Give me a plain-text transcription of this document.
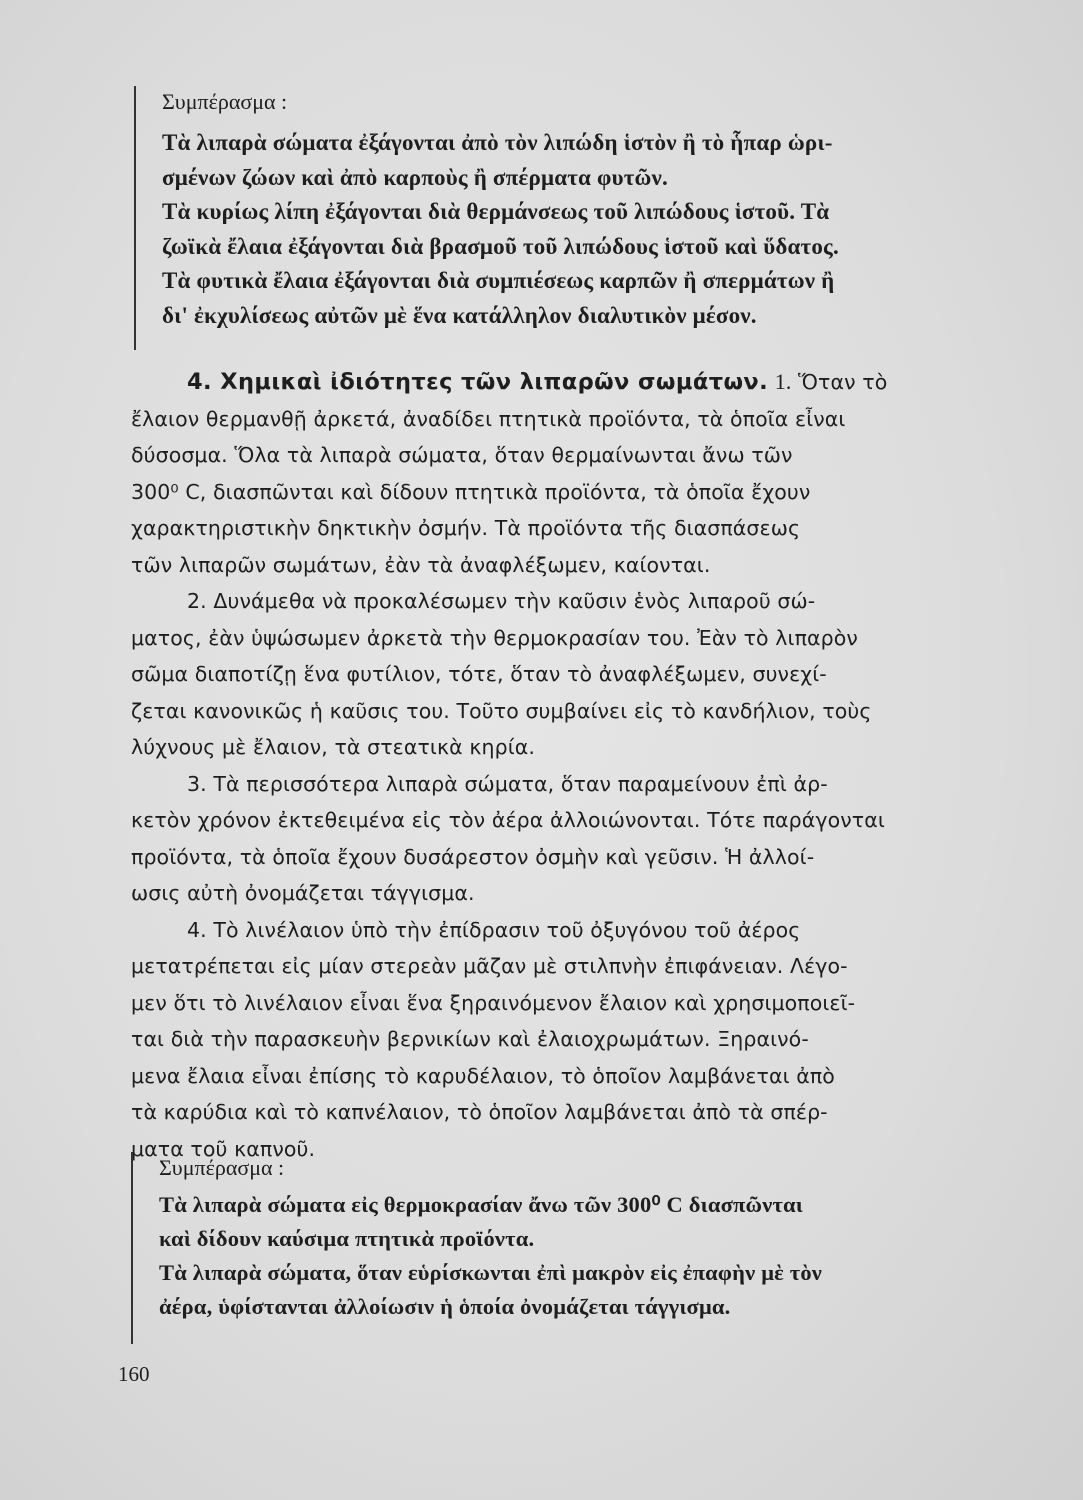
Συμπέρασμα :
Τὰ λιπαρὰ σώματα ἐξάγονται ἀπὸ τὸν λιπώδη ἱστὸν ἢ τὸ ἧπαρ ὡρι-
σμένων ζώων καὶ ἀπὸ καρποὺς ἢ σπέρματα φυτῶν.
Τὰ κυρίως λίπη ἐξάγονται διὰ θερμάνσεως τοῦ λιπώδους ἱστοῦ. Τὰ
ζωϊκὰ ἔλαια ἐξάγονται διὰ βρασμοῦ τοῦ λιπώδους ἱστοῦ καὶ ὕδατος.
Τὰ φυτικὰ ἔλαια ἐξάγονται διὰ συμπιέσεως καρπῶν ἢ σπερμάτων ἢ
δι' ἐκχυλίσεως αὐτῶν μὲ ἕνα κατάλληλον διαλυτικὸν μέσον.
4. Χημικαὶ ἰδιότητες τῶν λιπαρῶν σωμάτων. 1. Ὅταν τὸ
ἔλαιον θερμανθῇ ἀρκετά, ἀναδίδει πτητικὰ προϊόντα, τὰ ὁποῖα εἶναι
δύσοσμα. Ὅλα τὰ λιπαρὰ σώματα, ὅταν θερμαίνωνται ἄνω τῶν
300⁰ C, διασπῶνται καὶ δίδουν πτητικὰ προϊόντα, τὰ ὁποῖα ἔχουν
χαρακτηριστικὴν δηκτικὴν ὀσμήν. Τὰ προϊόντα τῆς διασπάσεως
τῶν λιπαρῶν σωμάτων, ἐὰν τὰ ἀναφλέξωμεν, καίονται.
2. Δυνάμεθα νὰ προκαλέσωμεν τὴν καῦσιν ἑνὸς λιπαροῦ σώ-
ματος, ἐὰν ὑψώσωμεν ἀρκετὰ τὴν θερμοκρασίαν του. Ἐὰν τὸ λιπαρὸν
σῶμα διαποτίζῃ ἕνα φυτίλιον, τότε, ὅταν τὸ ἀναφλέξωμεν, συνεχί-
ζεται κανονικῶς ἡ καῦσις του. Τοῦτο συμβαίνει εἰς τὸ κανδήλιον, τοὺς
λύχνους μὲ ἔλαιον, τὰ στεατικὰ κηρία.
3. Τὰ περισσότερα λιπαρὰ σώματα, ὅταν παραμείνουν ἐπὶ ἀρ-
κετὸν χρόνον ἐκτεθειμένα εἰς τὸν ἀέρα ἀλλοιώνονται. Τότε παράγονται
προϊόντα, τὰ ὁποῖα ἔχουν δυσάρεστον ὀσμὴν καὶ γεῦσιν. Ἡ ἀλλοί-
ωσις αὐτὴ ὀνομάζεται τάγγισμα.
4. Τὸ λινέλαιον ὑπὸ τὴν ἐπίδρασιν τοῦ ὀξυγόνου τοῦ ἀέρος
μετατρέπεται εἰς μίαν στερεὰν μᾶζαν μὲ στιλπνὴν ἐπιφάνειαν. Λέγο-
μεν ὅτι τὸ λινέλαιον εἶναι ἕνα ξηραινόμενον ἔλαιον καὶ χρησιμοποιεῖ-
ται διὰ τὴν παρασκευὴν βερνικίων καὶ ἐλαιοχρωμάτων. Ξηραινό-
μενα ἔλαια εἶναι ἐπίσης τὸ καρυδέλαιον, τὸ ὁποῖον λαμβάνεται ἀπὸ
τὰ καρύδια καὶ τὸ καπνέλαιον, τὸ ὁποῖον λαμβάνεται ἀπὸ τὰ σπέρ-
ματα τοῦ καπνοῦ.
Συμπέρασμα :
Τὰ λιπαρὰ σώματα εἰς θερμοκρασίαν ἄνω τῶν 300⁰ C διασπῶνται
καὶ δίδουν καύσιμα πτητικὰ προϊόντα.
Τὰ λιπαρὰ σώματα, ὅταν εὑρίσκωνται ἐπὶ μακρὸν εἰς ἐπαφὴν μὲ τὸν
ἀέρα, ὑφίστανται ἀλλοίωσιν ἡ ὁποία ὀνομάζεται τάγγισμα.
160
